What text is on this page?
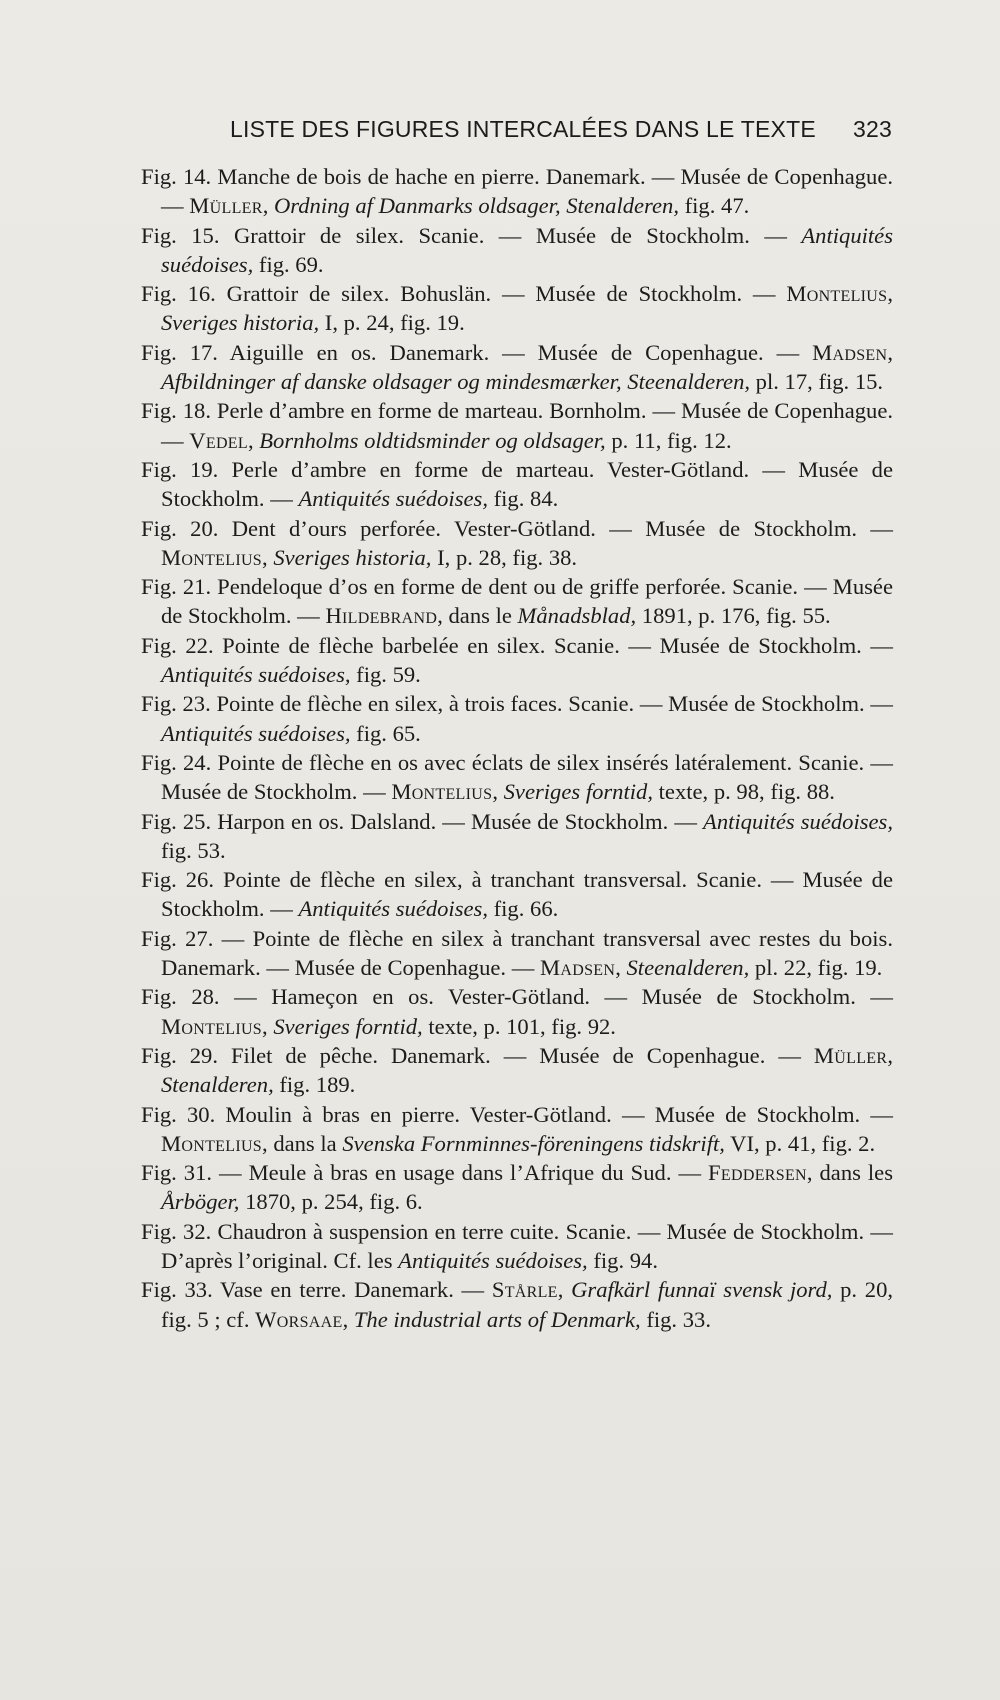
LISTE DES FIGURES INTERCALÉES DANS LE TEXTE 323

Fig. 14. Manche de bois de hache en pierre. Danemark. — Musée de Copenhague. — Müller, Ordning af Danmarks oldsager, Stenalderen, fig. 47.

Fig. 15. Grattoir de silex. Scanie. — Musée de Stockholm. — Antiquités suédoises, fig. 69.

Fig. 16. Grattoir de silex. Bohuslän. — Musée de Stockholm. — Montelius, Sveriges historia, I, p. 24, fig. 19.

Fig. 17. Aiguille en os. Danemark. — Musée de Copenhague. — Madsen, Afbildninger af danske oldsager og mindesmærker, Steenalderen, pl. 17, fig. 15.

Fig. 18. Perle d’ambre en forme de marteau. Bornholm. — Musée de Copenhague. — Vedel, Bornholms oldtidsminder og oldsager, p. 11, fig. 12.

Fig. 19. Perle d’ambre en forme de marteau. Vester-Götland. — Musée de Stockholm. — Antiquités suédoises, fig. 84.

Fig. 20. Dent d’ours perforée. Vester-Götland. — Musée de Stockholm. — Montelius, Sveriges historia, I, p. 28, fig. 38.

Fig. 21. Pendeloque d’os en forme de dent ou de griffe perforée. Scanie. — Musée de Stockholm. — Hildebrand, dans le Månadsblad, 1891, p. 176, fig. 55.

Fig. 22. Pointe de flèche barbelée en silex. Scanie. — Musée de Stockholm. — Antiquités suédoises, fig. 59.

Fig. 23. Pointe de flèche en silex, à trois faces. Scanie. — Musée de Stockholm. — Antiquités suédoises, fig. 65.

Fig. 24. Pointe de flèche en os avec éclats de silex insérés latéralement. Scanie. — Musée de Stockholm. — Montelius, Sveriges forntid, texte, p. 98, fig. 88.

Fig. 25. Harpon en os. Dalsland. — Musée de Stockholm. — Antiquités suédoises, fig. 53.

Fig. 26. Pointe de flèche en silex, à tranchant transversal. Scanie. — Musée de Stockholm. — Antiquités suédoises, fig. 66.

Fig. 27. — Pointe de flèche en silex à tranchant transversal avec restes du bois. Danemark. — Musée de Copenhague. — Madsen, Steenalderen, pl. 22, fig. 19.

Fig. 28. — Hameçon en os. Vester-Götland. — Musée de Stockholm. — Montelius, Sveriges forntid, texte, p. 101, fig. 92.

Fig. 29. Filet de pêche. Danemark. — Musée de Copenhague. — Müller, Stenalderen, fig. 189.

Fig. 30. Moulin à bras en pierre. Vester-Götland. — Musée de Stockholm. — Montelius, dans la Svenska Fornminnes-föreningens tidskrift, VI, p. 41, fig. 2.

Fig. 31. — Meule à bras en usage dans l’Afrique du Sud. — Feddersen, dans les Årböger, 1870, p. 254, fig. 6.

Fig. 32. Chaudron à suspension en terre cuite. Scanie. — Musée de Stockholm. — D’après l’original. Cf. les Antiquités suédoises, fig. 94.

Fig. 33. Vase en terre. Danemark. — Stårle, Grafkärl funnaï svensk jord, p. 20, fig. 5 ; cf. Worsaae, The industrial arts of Denmark, fig. 33.
